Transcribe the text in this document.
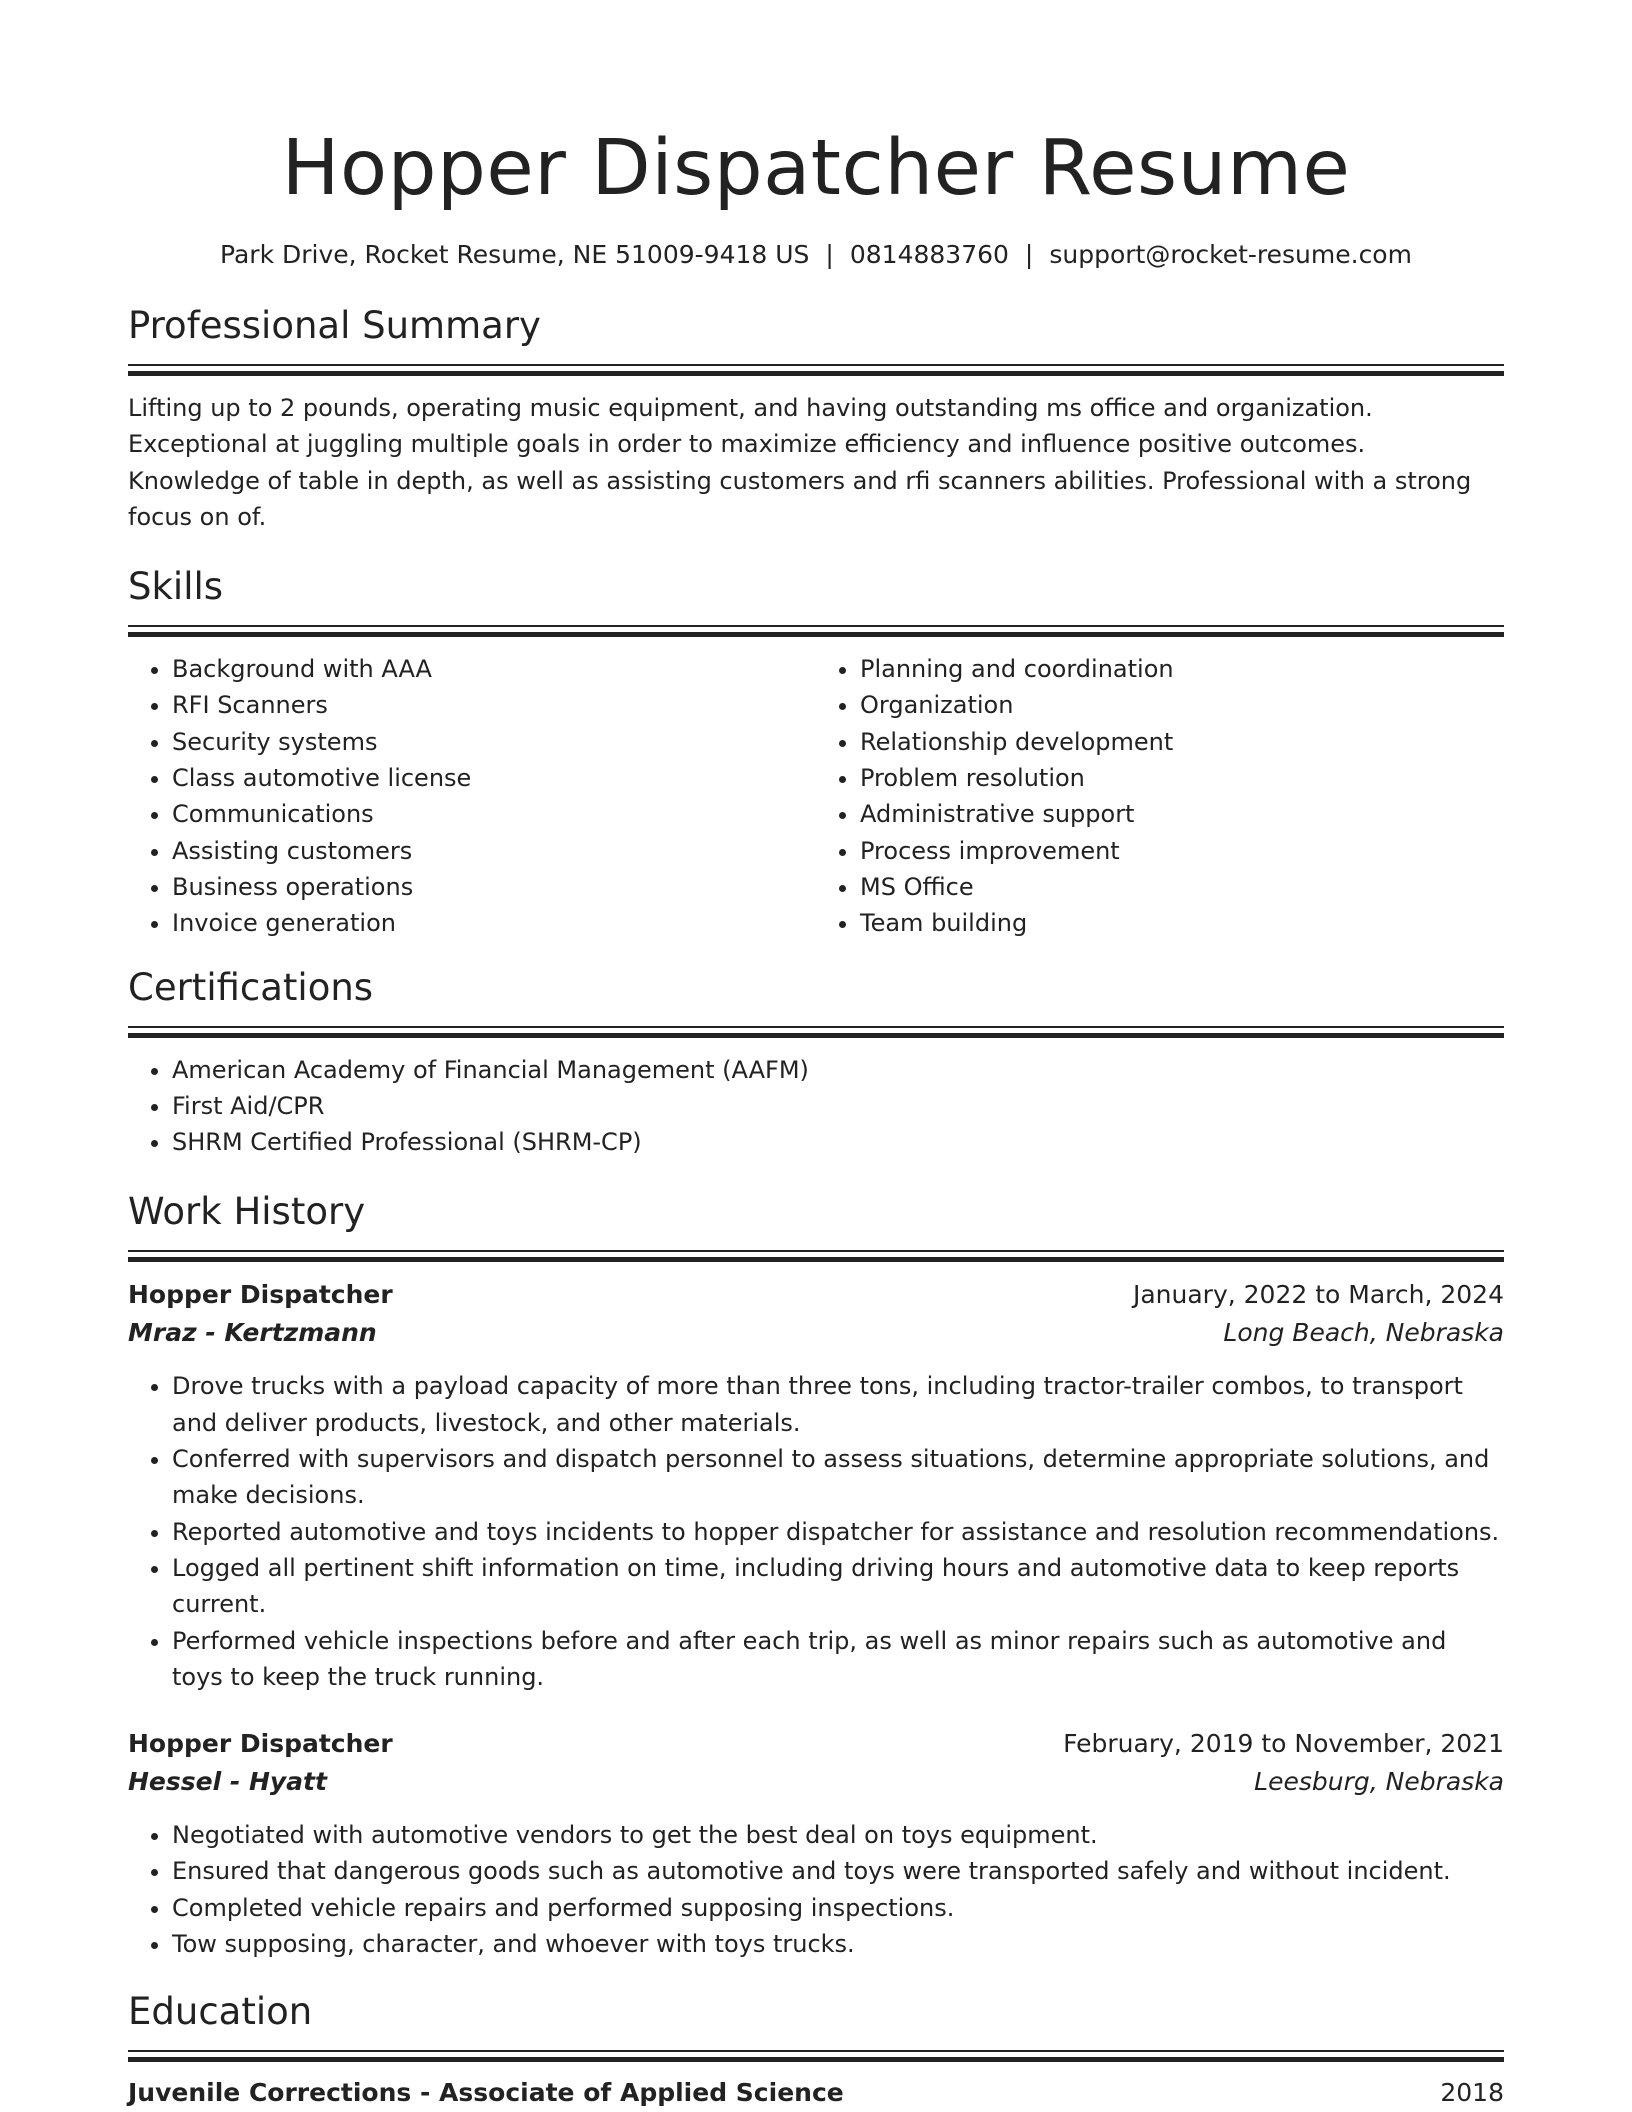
Hopper Dispatcher Resume
Park Drive, Rocket Resume, NE 51009-9418 US | 0814883760 | support@rocket-resume.com
Professional Summary

Lifting up to 2 pounds, operating music equipment, and having outstanding ms office and organization. Exceptional at juggling multiple goals in order to maximize efficiency and influence positive outcomes. Knowledge of table in depth, as well as assisting customers and rfi scanners abilities. Professional with a strong focus on of.

Skills
• Background with AAA
• RFI Scanners
• Security systems
• Class automotive license
• Communications
• Assisting customers
• Business operations
• Invoice generation
• Planning and coordination
• Organization
• Relationship development
• Problem resolution
• Administrative support
• Process improvement
• MS Office
• Team building
Certifications
• American Academy of Financial Management (AAFM)
• First Aid/CPR
• SHRM Certified Professional (SHRM-CP)
Work History
Hopper Dispatcher	January, 2022 to March, 2024
Mraz - Kertzmann	Long Beach, Nebraska
• Drove trucks with a payload capacity of more than three tons, including tractor-trailer combos, to transport and deliver products, livestock, and other materials.
• Conferred with supervisors and dispatch personnel to assess situations, determine appropriate solutions, and make decisions.
• Reported automotive and toys incidents to hopper dispatcher for assistance and resolution recommendations.
• Logged all pertinent shift information on time, including driving hours and automotive data to keep reports current.
• Performed vehicle inspections before and after each trip, as well as minor repairs such as automotive and toys to keep the truck running.
Hopper Dispatcher	February, 2019 to November, 2021
Hessel - Hyatt	Leesburg, Nebraska
• Negotiated with automotive vendors to get the best deal on toys equipment.
• Ensured that dangerous goods such as automotive and toys were transported safely and without incident.
• Completed vehicle repairs and performed supposing inspections.
• Tow supposing, character, and whoever with toys trucks.
Education
Juvenile Corrections - Associate of Applied Science	2018
